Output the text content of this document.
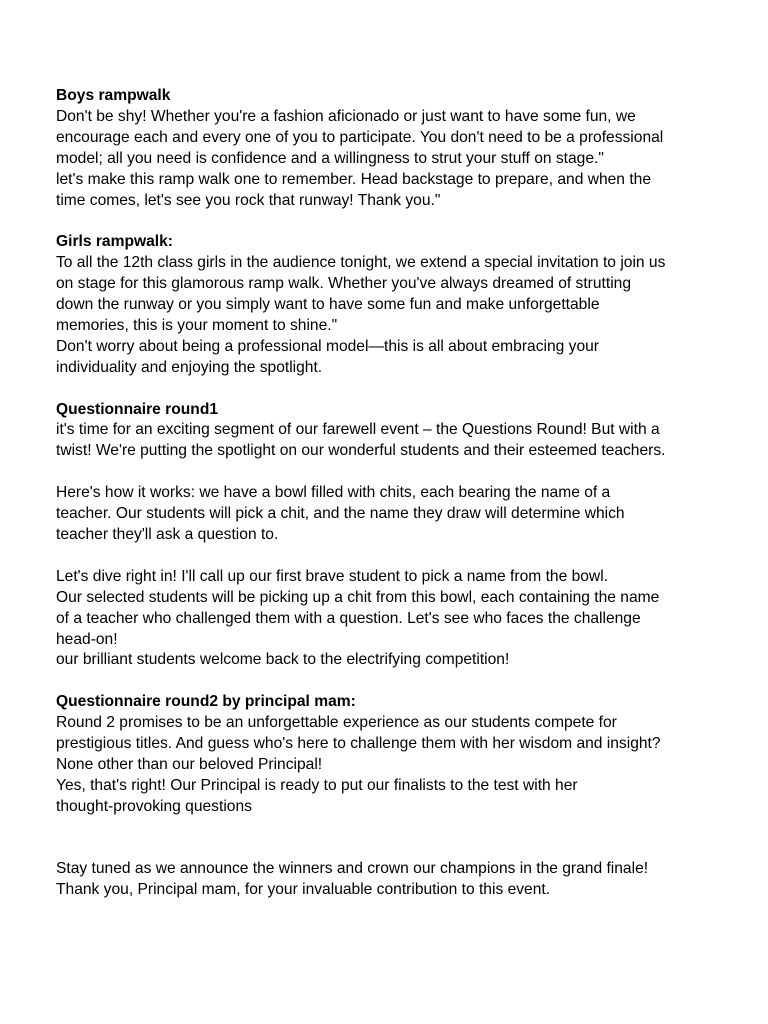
Boys rampwalk
Don't be shy! Whether you're a fashion aficionado or just want to have some fun, we
encourage each and every one of you to participate. You don't need to be a professional
model; all you need is confidence and a willingness to strut your stuff on stage."
let's make this ramp walk one to remember. Head backstage to prepare, and when the
time comes, let's see you rock that runway! Thank you."
Girls rampwalk:
To all the 12th class girls in the audience tonight, we extend a special invitation to join us
on stage for this glamorous ramp walk. Whether you've always dreamed of strutting
down the runway or you simply want to have some fun and make unforgettable
memories, this is your moment to shine."
Don't worry about being a professional model—this is all about embracing your
individuality and enjoying the spotlight.
Questionnaire round1
it's time for an exciting segment of our farewell event – the Questions Round! But with a
twist! We're putting the spotlight on our wonderful students and their esteemed teachers.
Here's how it works: we have a bowl filled with chits, each bearing the name of a
teacher. Our students will pick a chit, and the name they draw will determine which
teacher they'll ask a question to.
Let's dive right in! I'll call up our first brave student to pick a name from the bowl.
Our selected students will be picking up a chit from this bowl, each containing the name
of a teacher who challenged them with a question. Let's see who faces the challenge
head-on!
our brilliant students welcome back to the electrifying competition!
Questionnaire round2 by principal mam:
Round 2 promises to be an unforgettable experience as our students compete for
prestigious titles. And guess who's here to challenge them with her wisdom and insight?
None other than our beloved Principal!
Yes, that's right! Our Principal is ready to put our finalists to the test with her
thought-provoking questions
Stay tuned as we announce the winners and crown our champions in the grand finale!
Thank you, Principal mam, for your invaluable contribution to this event.
